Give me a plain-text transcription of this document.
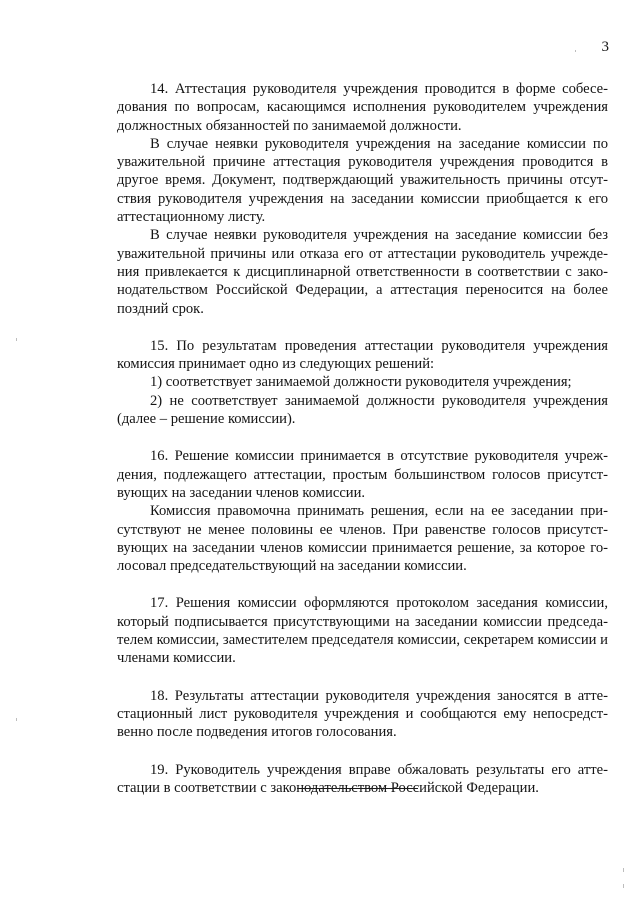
3

14. Аттестация руководителя учреждения проводится в форме собеседования по вопросам, касающимся исполнения руководителем учреждения должностных обязанностей по занимаемой должности.

В случае неявки руководителя учреждения на заседание комиссии по уважительной причине аттестация руководителя учреждения проводится в другое время. Документ, подтверждающий уважительность причины отсутствия руководителя учреждения на заседании комиссии приобщается к его аттестационному листу.

В случае неявки руководителя учреждения на заседание комиссии без уважительной причины или отказа его от аттестации руководитель учреждения привлекается к дисциплинарной ответственности в соответствии с законодательством Российской Федерации, а аттестация переносится на более поздний срок.

15. По результатам проведения аттестации руководителя учреждения комиссия принимает одно из следующих решений:

1) соответствует занимаемой должности руководителя учреждения;

2) не соответствует занимаемой должности руководителя учреждения (далее – решение комиссии).

16. Решение комиссии принимается в отсутствие руководителя учреждения, подлежащего аттестации, простым большинством голосов присутствующих на заседании членов комиссии.

Комиссия правомочна принимать решения, если на ее заседании присутствуют не менее половины ее членов. При равенстве голосов присутствующих на заседании членов комиссии принимается решение, за которое голосовал председательствующий на заседании комиссии.

17. Решения комиссии оформляются протоколом заседания комиссии, который подписывается присутствующими на заседании комиссии председателем комиссии, заместителем председателя комиссии, секретарем комиссии и членами комиссии.

18. Результаты аттестации руководителя учреждения заносятся в аттестационный лист руководителя учреждения и сообщаются ему непосредственно после подведения итогов голосования.

19. Руководитель учреждения вправе обжаловать результаты его аттестации в соответствии с законодательством Российской Федерации.
